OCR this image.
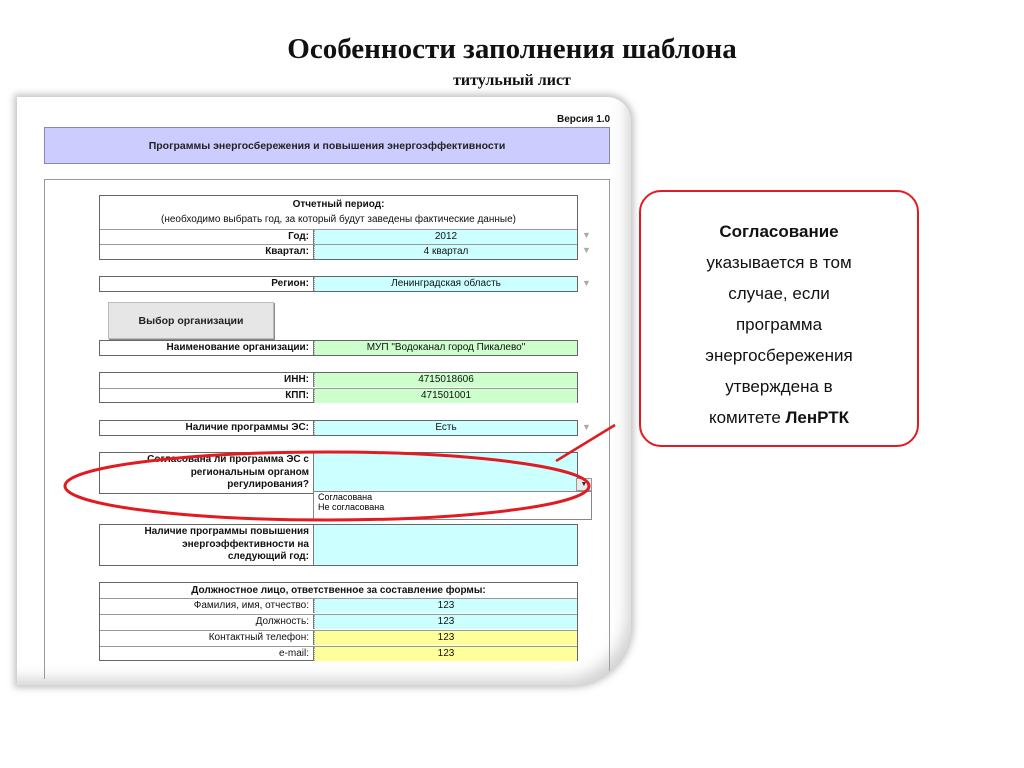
Особенности заполнения шаблона
титульный лист
Версия 1.0
Программы энергосбережения и повышения энергоэффективности
Отчетный период:
(необходимо выбрать год, за который будут заведены фактические данные)
Год:	2012
Квартал:	4 квартал
▼
▼
Регион:	Ленинградская область	▼
Наименование организации:	МУП "Водоканал город Пикалево"
ИНН:	4715018606
КПП:	471501001
Наличие программы ЭС:	Есть	▼
Согласована ли программа ЭС с
региональным органом
регулирования?
Наличие программы повышения
энергоэффективности на
следующий год:
Должностное лицо, ответственное за составление формы:
Фамилия, имя, отчество:	123
Должность:	123
Контактный телефон:	123
e-mail:	123
Выбор организации
▼
Согласована
Не согласована
Согласование
указывается в том
случае, если
программа
энергосбережения
утверждена в
комитете ЛенРТК
